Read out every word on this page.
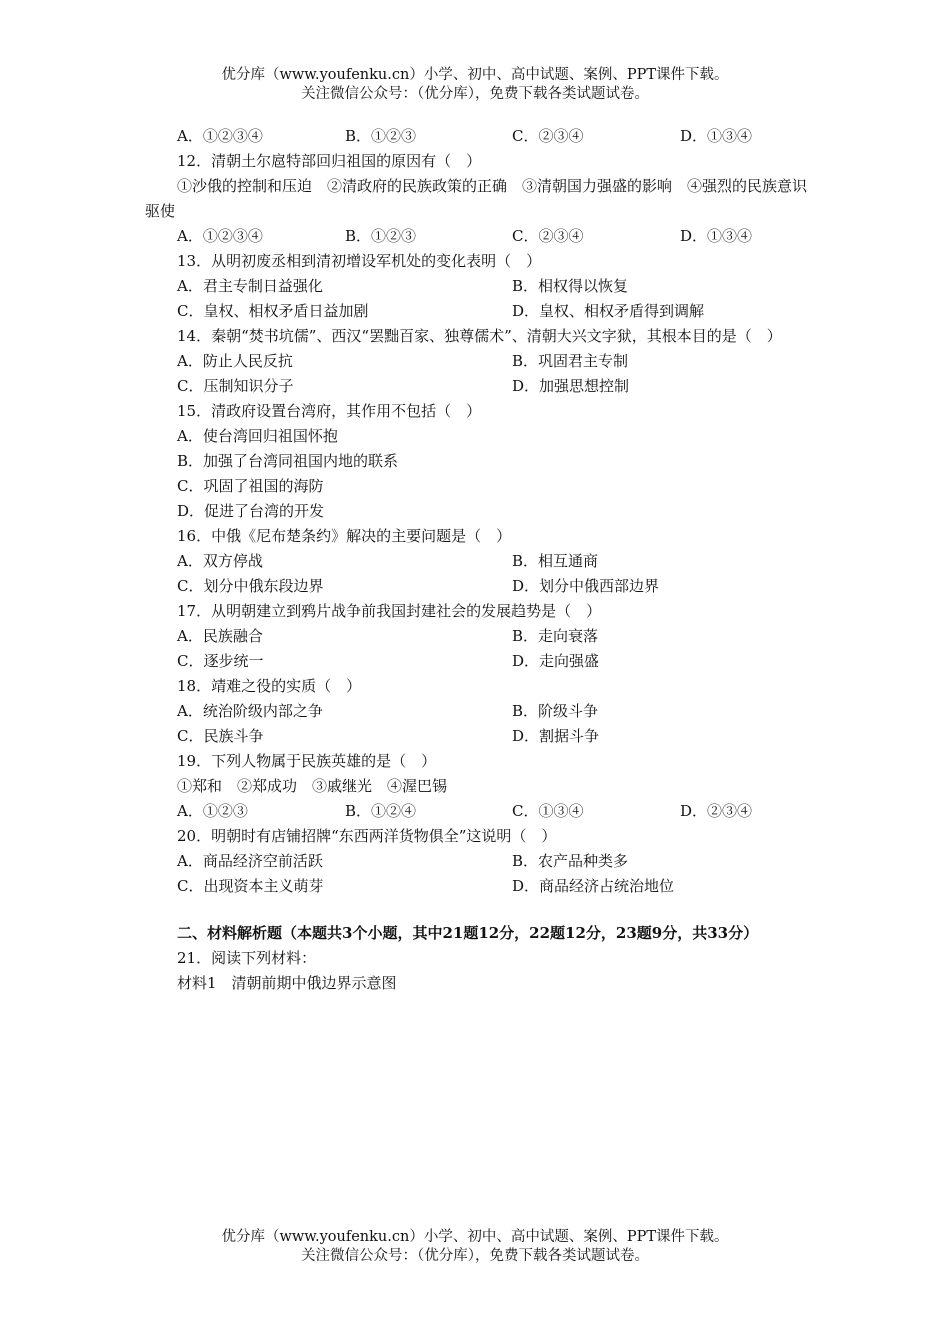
优分库（www.youfenku.cn）小学、初中、高中试题、案例、PPT课件下载。
关注微信公众号：（优分库），免费下载各类试题试卷。
A．①②③④	B．①②③	C．②③④	D．①③④
12．清朝土尔扈特部回归祖国的原因有（　）
①沙俄的控制和压迫　②清政府的民族政策的正确　③清朝国力强盛的影响　④强烈的民族意识驱使
A．①②③④	B．①②③	C．②③④	D．①③④
13．从明初废丞相到清初增设军机处的变化表明（　）
A．君主专制日益强化	B．相权得以恢复
C．皇权、相权矛盾日益加剧	D．皇权、相权矛盾得到调解
14．秦朝“焚书坑儒”、西汉“罢黜百家、独尊儒术”、清朝大兴文字狱，其根本目的是（　）
A．防止人民反抗	B．巩固君主专制
C．压制知识分子	D．加强思想控制
15．清政府设置台湾府，其作用不包括（　）
A．使台湾回归祖国怀抱
B．加强了台湾同祖国内地的联系
C．巩固了祖国的海防
D．促进了台湾的开发
16．中俄《尼布楚条约》解决的主要问题是（　）
A．双方停战	B．相互通商
C．划分中俄东段边界	D．划分中俄西部边界
17．从明朝建立到鸦片战争前我国封建社会的发展趋势是（　）
A．民族融合	B．走向衰落
C．逐步统一	D．走向强盛
18．靖难之役的实质（　）
A．统治阶级内部之争	B．阶级斗争
C．民族斗争	D．割据斗争
19．下列人物属于民族英雄的是（　）
①郑和　②郑成功　③戚继光　④渥巴锡
A．①②③	B．①②④	C．①③④	D．②③④
20．明朝时有店铺招牌“东西两洋货物俱全”这说明（　）
A．商品经济空前活跃	B．农产品种类多
C．出现资本主义萌芽	D．商品经济占统治地位
二、材料解析题（本题共3个小题，其中21题12分，22题12分，23题9分，共33分）
21．阅读下列材料：
材料1　清朝前期中俄边界示意图
优分库（www.youfenku.cn）小学、初中、高中试题、案例、PPT课件下载。
关注微信公众号：（优分库），免费下载各类试题试卷。
